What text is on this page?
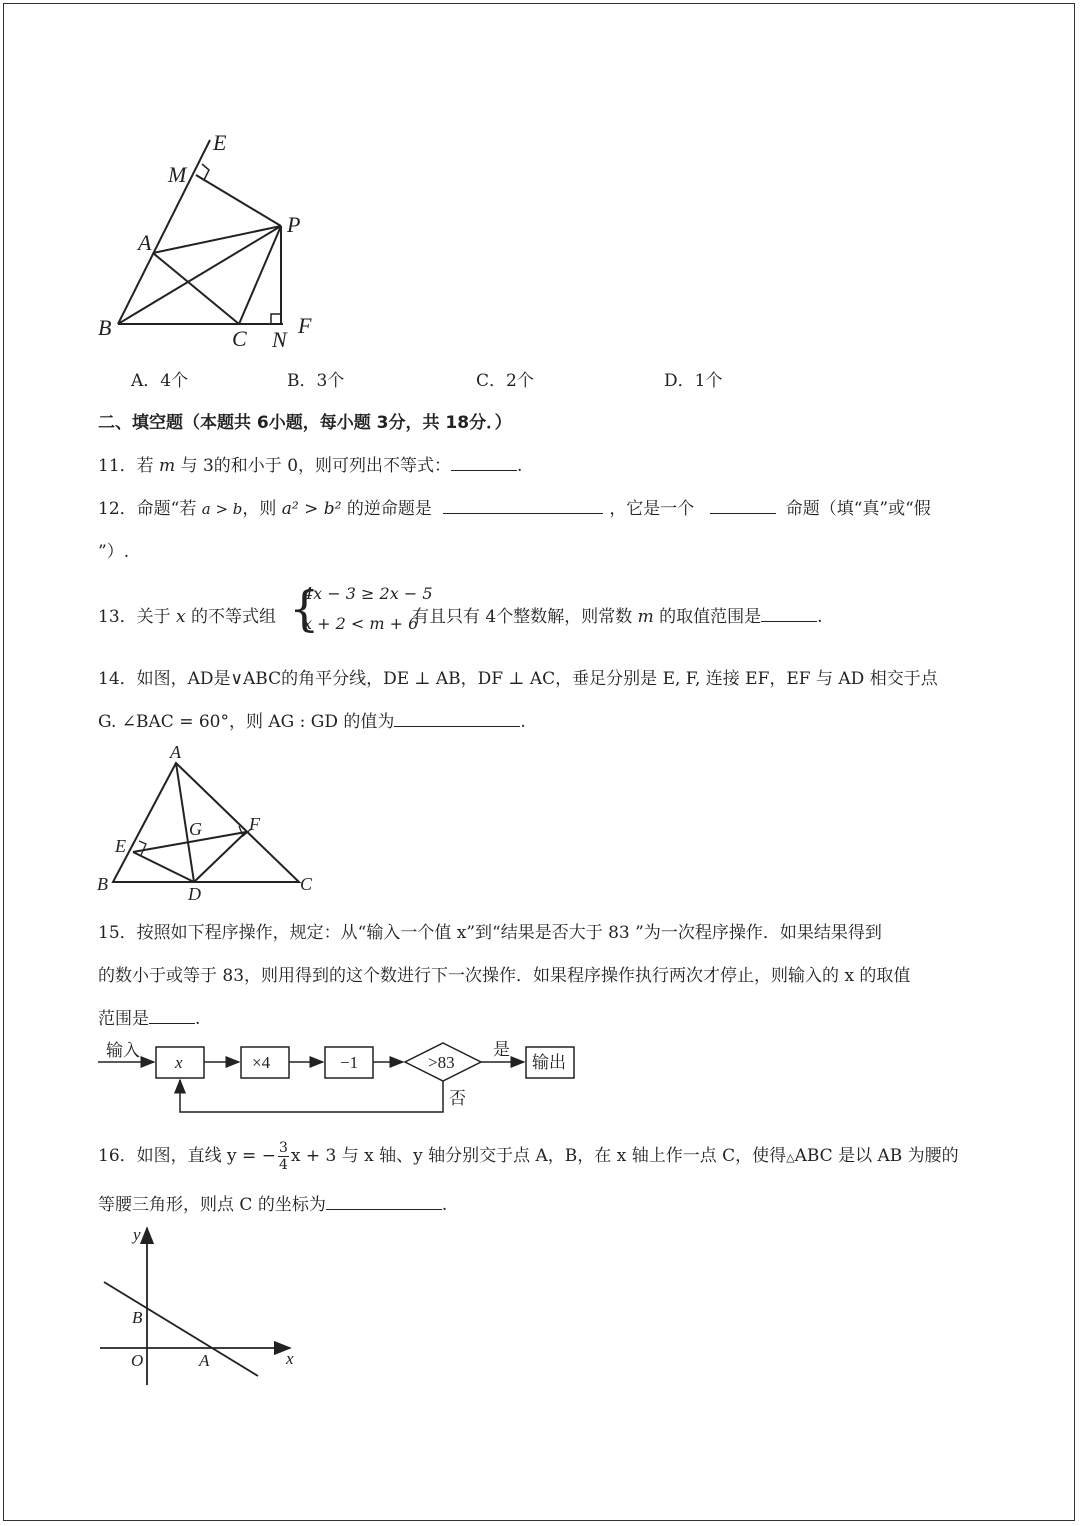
E
M
A
P
B	C N
F
A．4个	B．3个	C．2个	D．1个
二、填空题（本题共 6小题，每小题 3分，共 18分．）
11．若 m 与 3的和小于 0，则可列出不等式：	.
12．命题“若 a > b，则 a² > b² 的逆命题是	，它是一个	命题（填“真”或“假
”）.
13．关于 x 的不等式组 {
4x − 3 ≥ 2x − 5
x + 2 < m + 6
有且只有 4个整数解，则常数 m 的取值范围是	.
14．如图，AD是∨ABC的角平分线，DE ⊥ AB，DF ⊥ AC，垂足分别是 E, F, 连接 EF，EF 与 AD 相交于点
G. ∠BAC = 60°，则 AG : GD 的值为	.
A
B	C
D
E
F
G
15．按照如下程序操作，规定：从“输入一个值 x”到“结果是否大于 83 ”为一次程序操作．如果结果得到
的数小于或等于 83，则用得到的这个数进行下一次操作．如果程序操作执行两次才停止，则输入的 x 的取值
范围是	.
输入
x	×4	−1	>83
是
否
输出
16．如图，直线 y = − $\frac{3}{4}$ x + 3 与 x 轴、y 轴分别交于点 A，B，在 x 轴上作一点 C，使得△ABC 是以 AB 为腰的
等腰三角形，则点 C 的坐标为	.
y
x
B
O	A
